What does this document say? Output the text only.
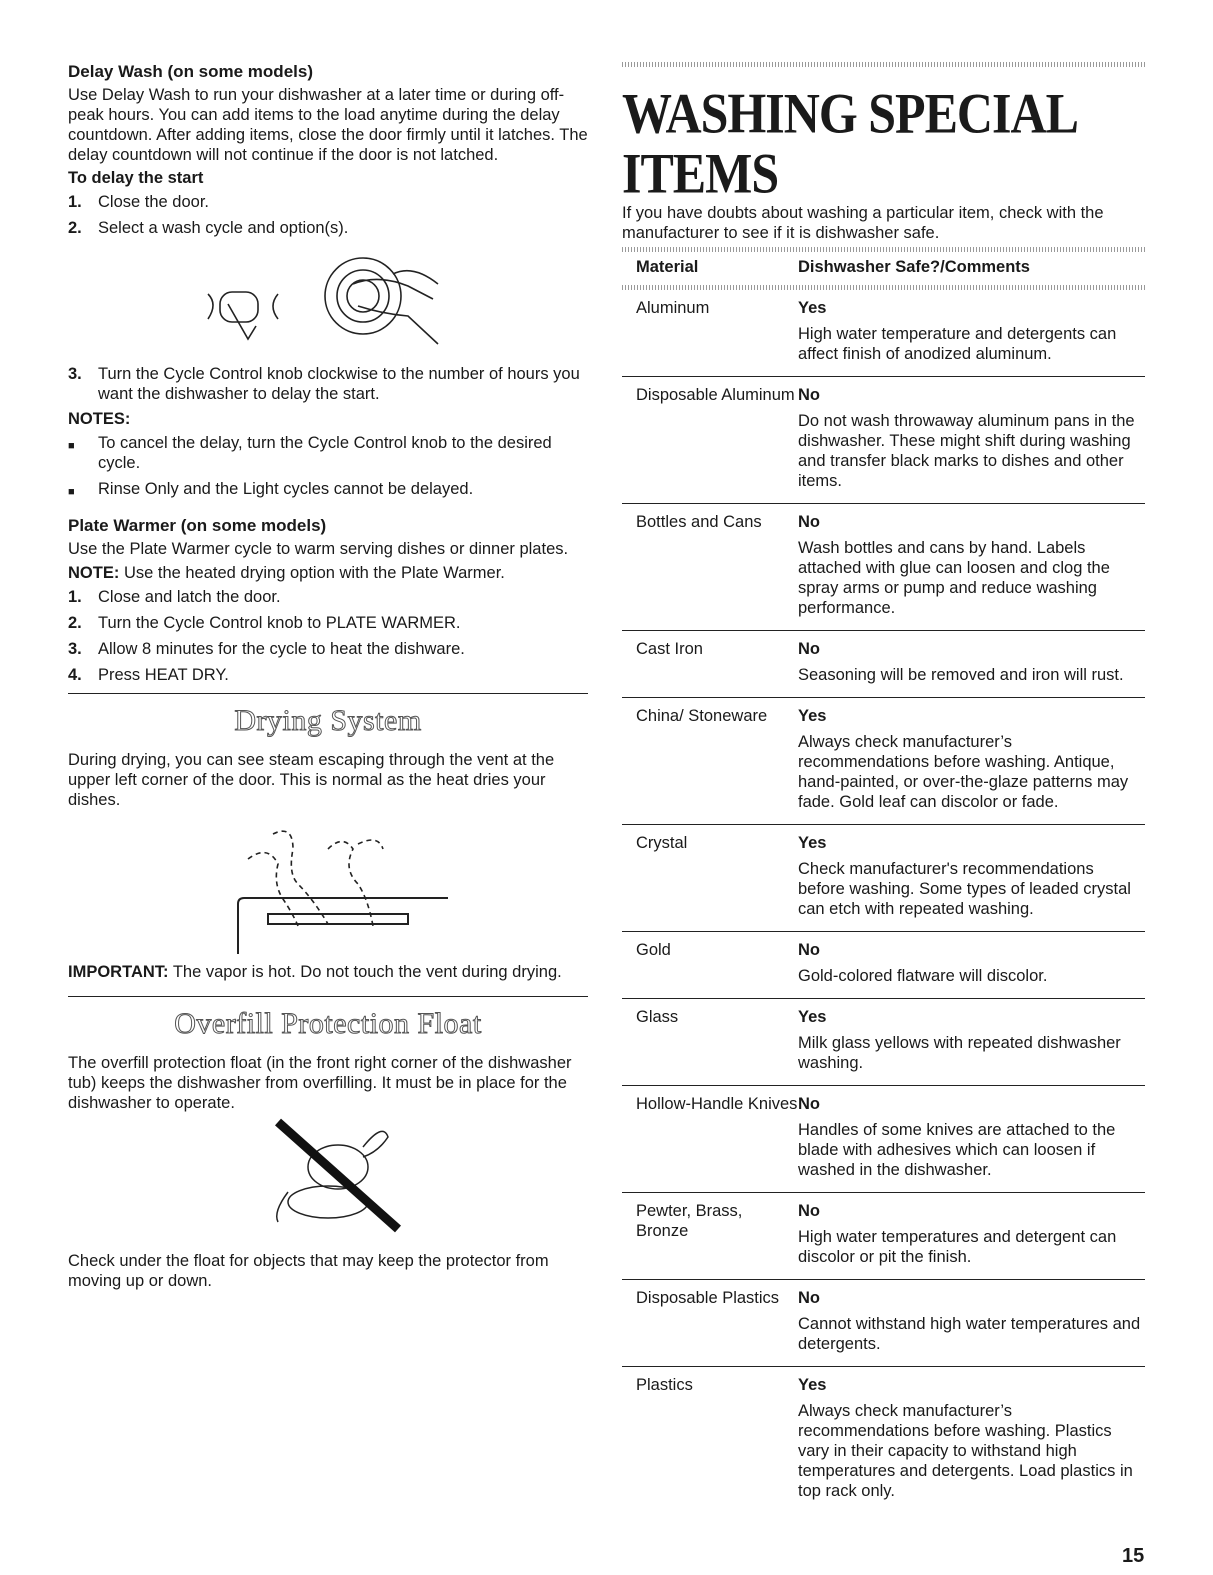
Delay Wash (on some models)

Use Delay Wash to run your dishwasher at a later time or during off-peak hours. You can add items to the load anytime during the delay countdown. After adding items, close the door firmly until it latches. The delay countdown will not continue if the door is not latched.

To delay the start
1. Close the door.
2. Select a wash cycle and option(s).
3. Turn the Cycle Control knob clockwise to the number of hours you want the dishwasher to delay the start.
NOTES:
■	To cancel the delay, turn the Cycle Control knob to the desired cycle.
■	Rinse Only and the Light cycles cannot be delayed.
Plate Warmer (on some models)

Use the Plate Warmer cycle to warm serving dishes or dinner plates.

NOTE: Use the heated drying option with the Plate Warmer.

1. Close and latch the door.
2. Turn the Cycle Control knob to PLATE WARMER.
3. Allow 8 minutes for the cycle to heat the dishware.
4. Press HEAT DRY.
Drying System

During drying, you can see steam escaping through the vent at the upper left corner of the door. This is normal as the heat dries your dishes.

IMPORTANT: The vapor is hot. Do not touch the vent during drying.

Overfill Protection Float

The overfill protection float (in the front right corner of the dishwasher tub) keeps the dishwasher from overfilling. It must be in place for the dishwasher to operate.

Check under the float for objects that may keep the protector from moving up or down.

WASHING SPECIAL ITEMS

If you have doubts about washing a particular item, check with the manufacturer to see if it is dishwasher safe.

Material	Dishwasher Safe?/Comments

Aluminum	Yes
High water temperature and detergents can affect finish of anodized aluminum.
Disposable Aluminum	No
Do not wash throwaway aluminum pans in the dishwasher. These might shift during washing and transfer black marks to dishes and other items.
Bottles and Cans	No
Wash bottles and cans by hand. Labels attached with glue can loosen and clog the spray arms or pump and reduce washing performance.
Cast Iron	No
Seasoning will be removed and iron will rust.
China/ Stoneware	Yes
Always check manufacturer’s recommendations before washing. Antique, hand-painted, or over-the-glaze patterns may fade. Gold leaf can discolor or fade.
Crystal	Yes
Check manufacturer's recommendations before washing. Some types of leaded crystal can etch with repeated washing.
Gold	No
Gold-colored flatware will discolor.
Glass	Yes
Milk glass yellows with repeated dishwasher washing.
Hollow-Handle Knives	No
Handles of some knives are attached to the blade with adhesives which can loosen if washed in the dishwasher.
Pewter, Brass, Bronze	No
High water temperatures and detergent can discolor or pit the finish.
Disposable Plastics	No
Cannot withstand high water temperatures and detergents.
Plastics	Yes
Always check manufacturer’s recommendations before washing. Plastics vary in their capacity to withstand high temperatures and detergents. Load plastics in top rack only.
15
